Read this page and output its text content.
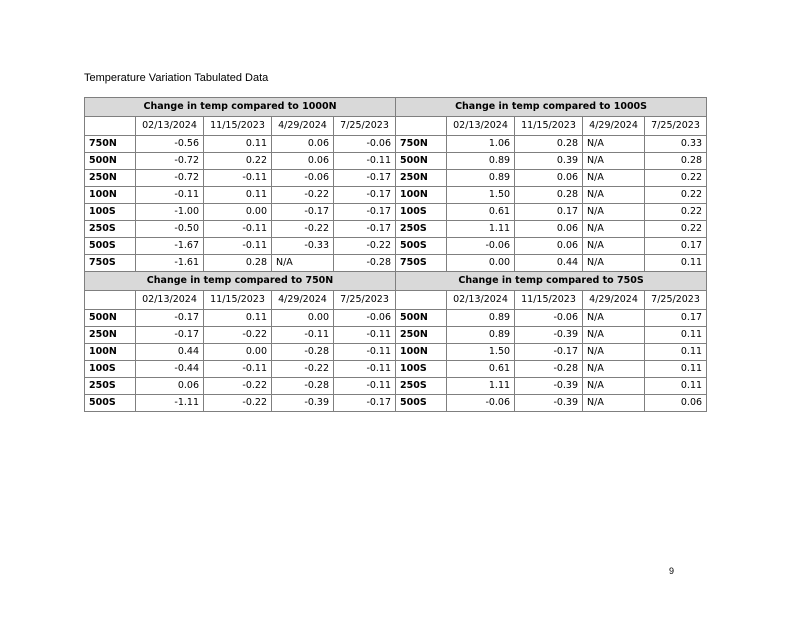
Temperature Variation Tabulated Data
Change in temp compared to 1000N					Change in temp compared to 1000S				
	02/13/2024	11/15/2023	4/29/2024	7/25/2023		02/13/2024	11/15/2023	4/29/2024	7/25/2023
750N	-0.56	0.11	0.06	-0.06	750N	1.06	0.28	N/A	0.33
500N	-0.72	0.22	0.06	-0.11	500N	0.89	0.39	N/A	0.28
250N	-0.72	-0.11	-0.06	-0.17	250N	0.89	0.06	N/A	0.22
100N	-0.11	0.11	-0.22	-0.17	100N	1.50	0.28	N/A	0.22
100S	-1.00	0.00	-0.17	-0.17	100S	0.61	0.17	N/A	0.22
250S	-0.50	-0.11	-0.22	-0.17	250S	1.11	0.06	N/A	0.22
500S	-1.67	-0.11	-0.33	-0.22	500S	-0.06	0.06	N/A	0.17
750S	-1.61	0.28	N/A	-0.28	750S	0.00	0.44	N/A	0.11
Change in temp compared to 750N					Change in temp compared to 750S				
	02/13/2024	11/15/2023	4/29/2024	7/25/2023		02/13/2024	11/15/2023	4/29/2024	7/25/2023
500N	-0.17	0.11	0.00	-0.06	500N	0.89	-0.06	N/A	0.17
250N	-0.17	-0.22	-0.11	-0.11	250N	0.89	-0.39	N/A	0.11
100N	0.44	0.00	-0.28	-0.11	100N	1.50	-0.17	N/A	0.11
100S	-0.44	-0.11	-0.22	-0.11	100S	0.61	-0.28	N/A	0.11
250S	0.06	-0.22	-0.28	-0.11	250S	1.11	-0.39	N/A	0.11
500S	-1.11	-0.22	-0.39	-0.17	500S	-0.06	-0.39	N/A	0.06
9
